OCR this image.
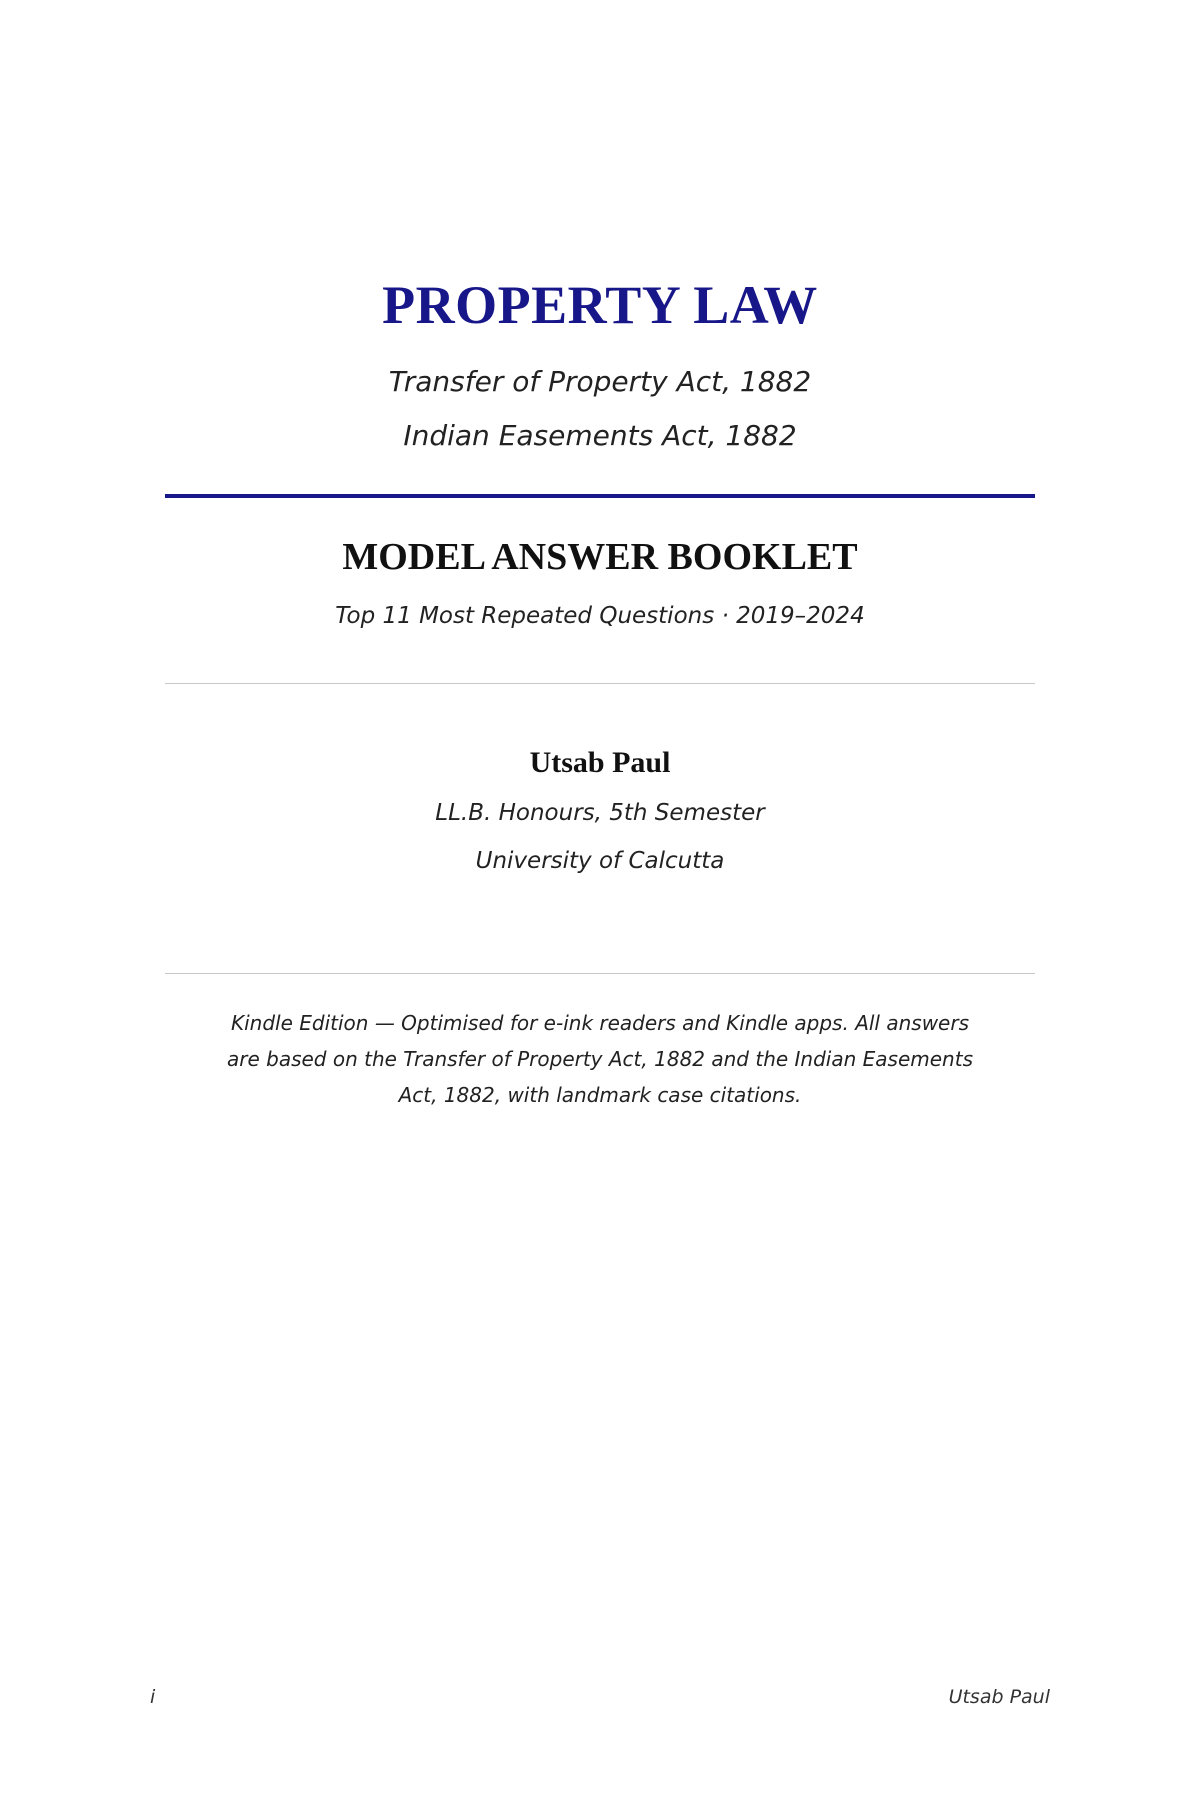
PROPERTY LAW
Transfer of Property Act, 1882
Indian Easements Act, 1882
MODEL ANSWER BOOKLET
Top 11 Most Repeated Questions · 2019–2024
Utsab Paul
LL.B. Honours, 5th Semester
University of Calcutta
Kindle Edition — Optimised for e-ink readers and Kindle apps. All answers are based on the Transfer of Property Act, 1882 and the Indian Easements Act, 1882, with landmark case citations.
i	Utsab Paul
